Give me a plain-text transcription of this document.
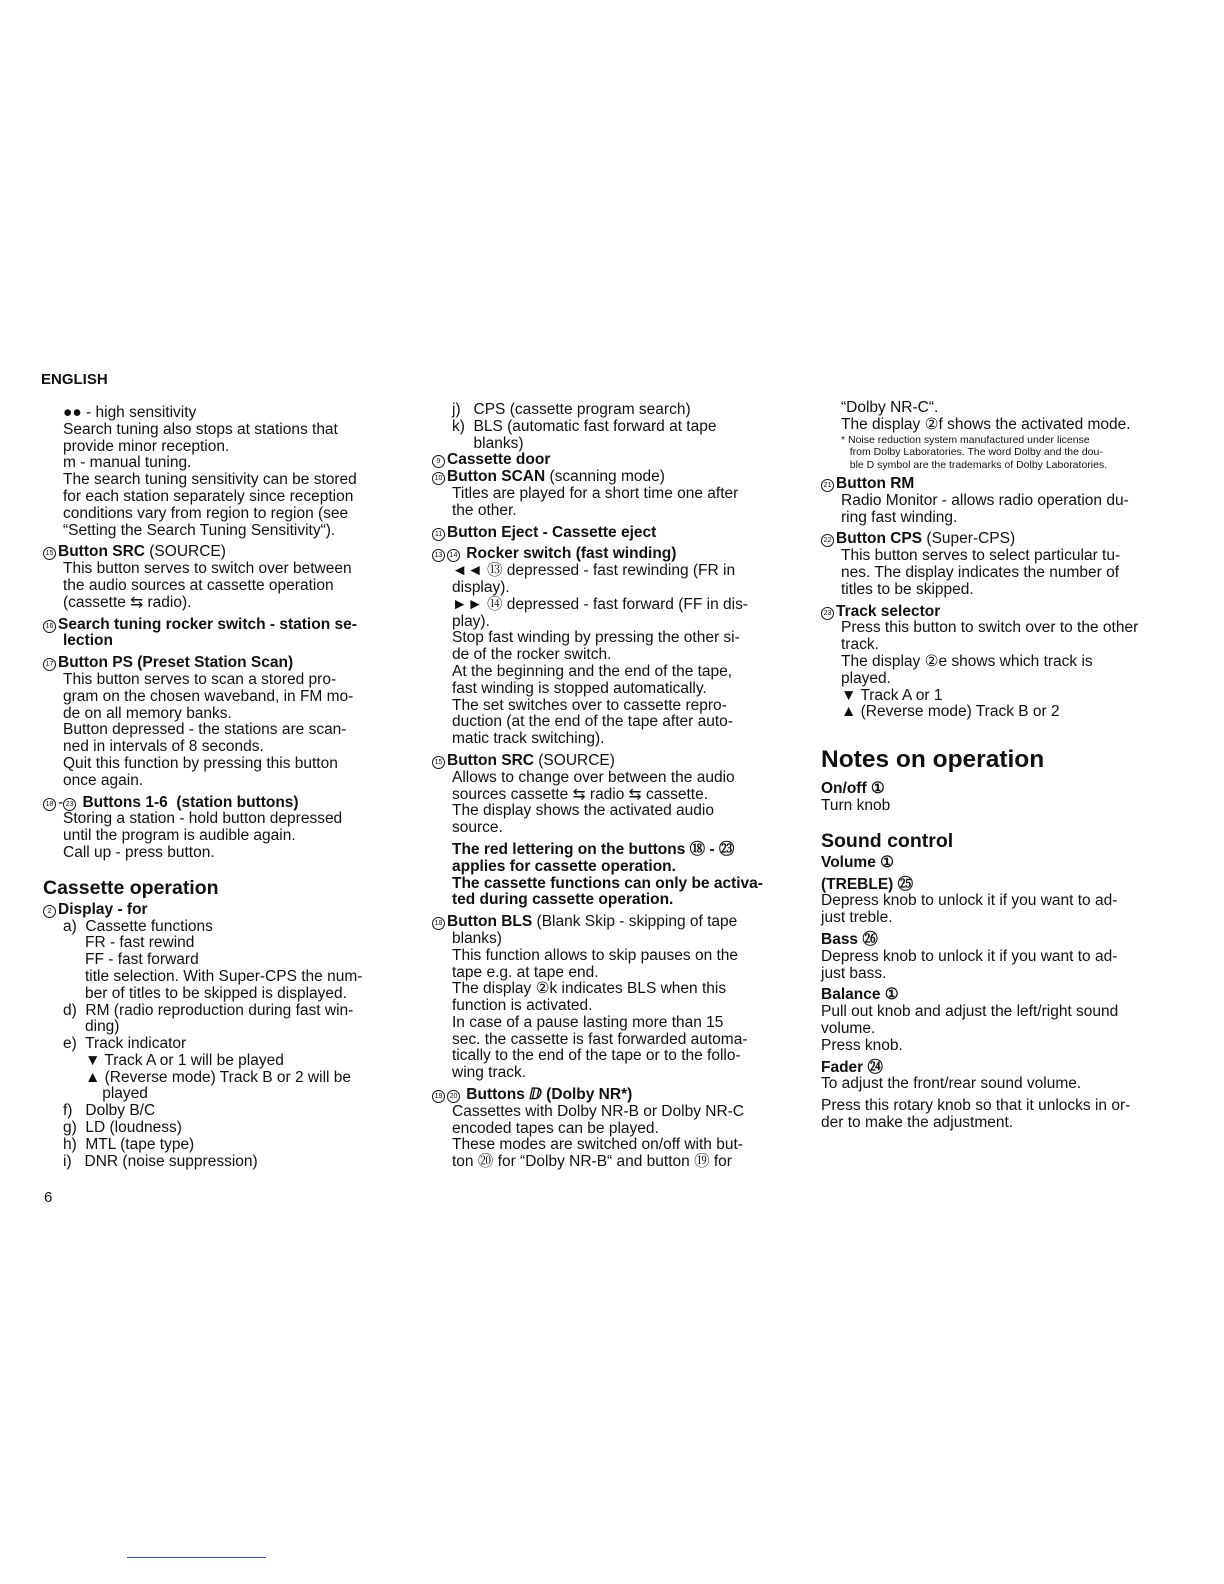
ENGLISH
●● - high sensitivity
Search tuning also stops at stations that
provide minor reception.
m - manual tuning.
The search tuning sensitivity can be stored
for each station separately since reception
conditions vary from region to region (see
“Setting the Search Tuning Sensitivity“).
15 Button SRC (SOURCE)
This button serves to switch over between
the audio sources at cassette operation
(cassette ⇆ radio).
16 Search tuning rocker switch - station se-
lection
17 Button PS (Preset Station Scan)
This button serves to scan a stored pro-
gram on the chosen waveband, in FM mo-
de on all memory banks.
Button depressed - the stations are scan-
ned in intervals of 8 seconds.
Quit this function by pressing this button
once again.
18 - 23 Buttons 1-6  (station buttons)
Storing a station - hold button depressed
until the program is audible again.
Call up - press button.
Cassette operation
2 Display - for
a)  Cassette functions
FR - fast rewind
FF - fast forward
title selection. With Super-CPS the num-
ber of titles to be skipped is displayed.
d)  RM (radio reproduction during fast win-
ding)
e)  Track indicator
▼ Track A or 1 will be played
▲ (Reverse mode) Track B or 2 will be
played
f)   Dolby B/C
g)  LD (loudness)
h)  MTL (tape type)
i)   DNR (noise suppression)
j)   CPS (cassette program search)
k)  BLS (automatic fast forward at tape
blanks)
9 Cassette door
10 Button SCAN (scanning mode)
Titles are played for a short time one after
the other.
11 Button Eject - Cassette eject
13 14 Rocker switch (fast winding)
◄◄ ⑬ depressed - fast rewinding (FR in
display).
►► ⑭ depressed - fast forward (FF in dis-
play).
Stop fast winding by pressing the other si-
de of the rocker switch.
At the beginning and the end of the tape,
fast winding is stopped automatically.
The set switches over to cassette repro-
duction (at the end of the tape after auto-
matic track switching).
15 Button SRC (SOURCE)
Allows to change over between the audio
sources cassette ⇆ radio ⇆ cassette.
The display shows the activated audio
source.
The red lettering on the buttons ⑱ - ㉓
applies for cassette operation.
The cassette functions can only be activa-
ted during cassette operation.
18 Button BLS (Blank Skip - skipping of tape
blanks)
This function allows to skip pauses on the
tape e.g. at tape end.
The display ②k indicates BLS when this
function is activated.
In case of a pause lasting more than 15
sec. the cassette is fast forwarded automa-
tically to the end of the tape or to the follo-
wing track.
19 20 Buttons ⅅ (Dolby NR*)
Cassettes with Dolby NR-B or Dolby NR-C
encoded tapes can be played.
These modes are switched on/off with but-
ton ⑳ for “Dolby NR-B“ and button ⑲ for
“Dolby NR-C“.
The display ②f shows the activated mode.
* Noise reduction system manufactured under license
from Dolby Laboratories. The word Dolby and the dou-
ble D symbol are the trademarks of Dolby Laboratories.
21 Button RM
Radio Monitor - allows radio operation du-
ring fast winding.
22 Button CPS (Super-CPS)
This button serves to select particular tu-
nes. The display indicates the number of
titles to be skipped.
23 Track selector
Press this button to switch over to the other
track.
The display ②e shows which track is
played.
▼ Track A or 1
▲ (Reverse mode) Track B or 2
Notes on operation
On/off ①
Turn knob
Sound control
Volume ①
(TREBLE) ㉕
Depress knob to unlock it if you want to ad-
just treble.
Bass ㉖
Depress knob to unlock it if you want to ad-
just bass.
Balance ①
Pull out knob and adjust the left/right sound
volume.
Press knob.
Fader ㉔
To adjust the front/rear sound volume.
Press this rotary knob so that it unlocks in or-
der to make the adjustment.
6
